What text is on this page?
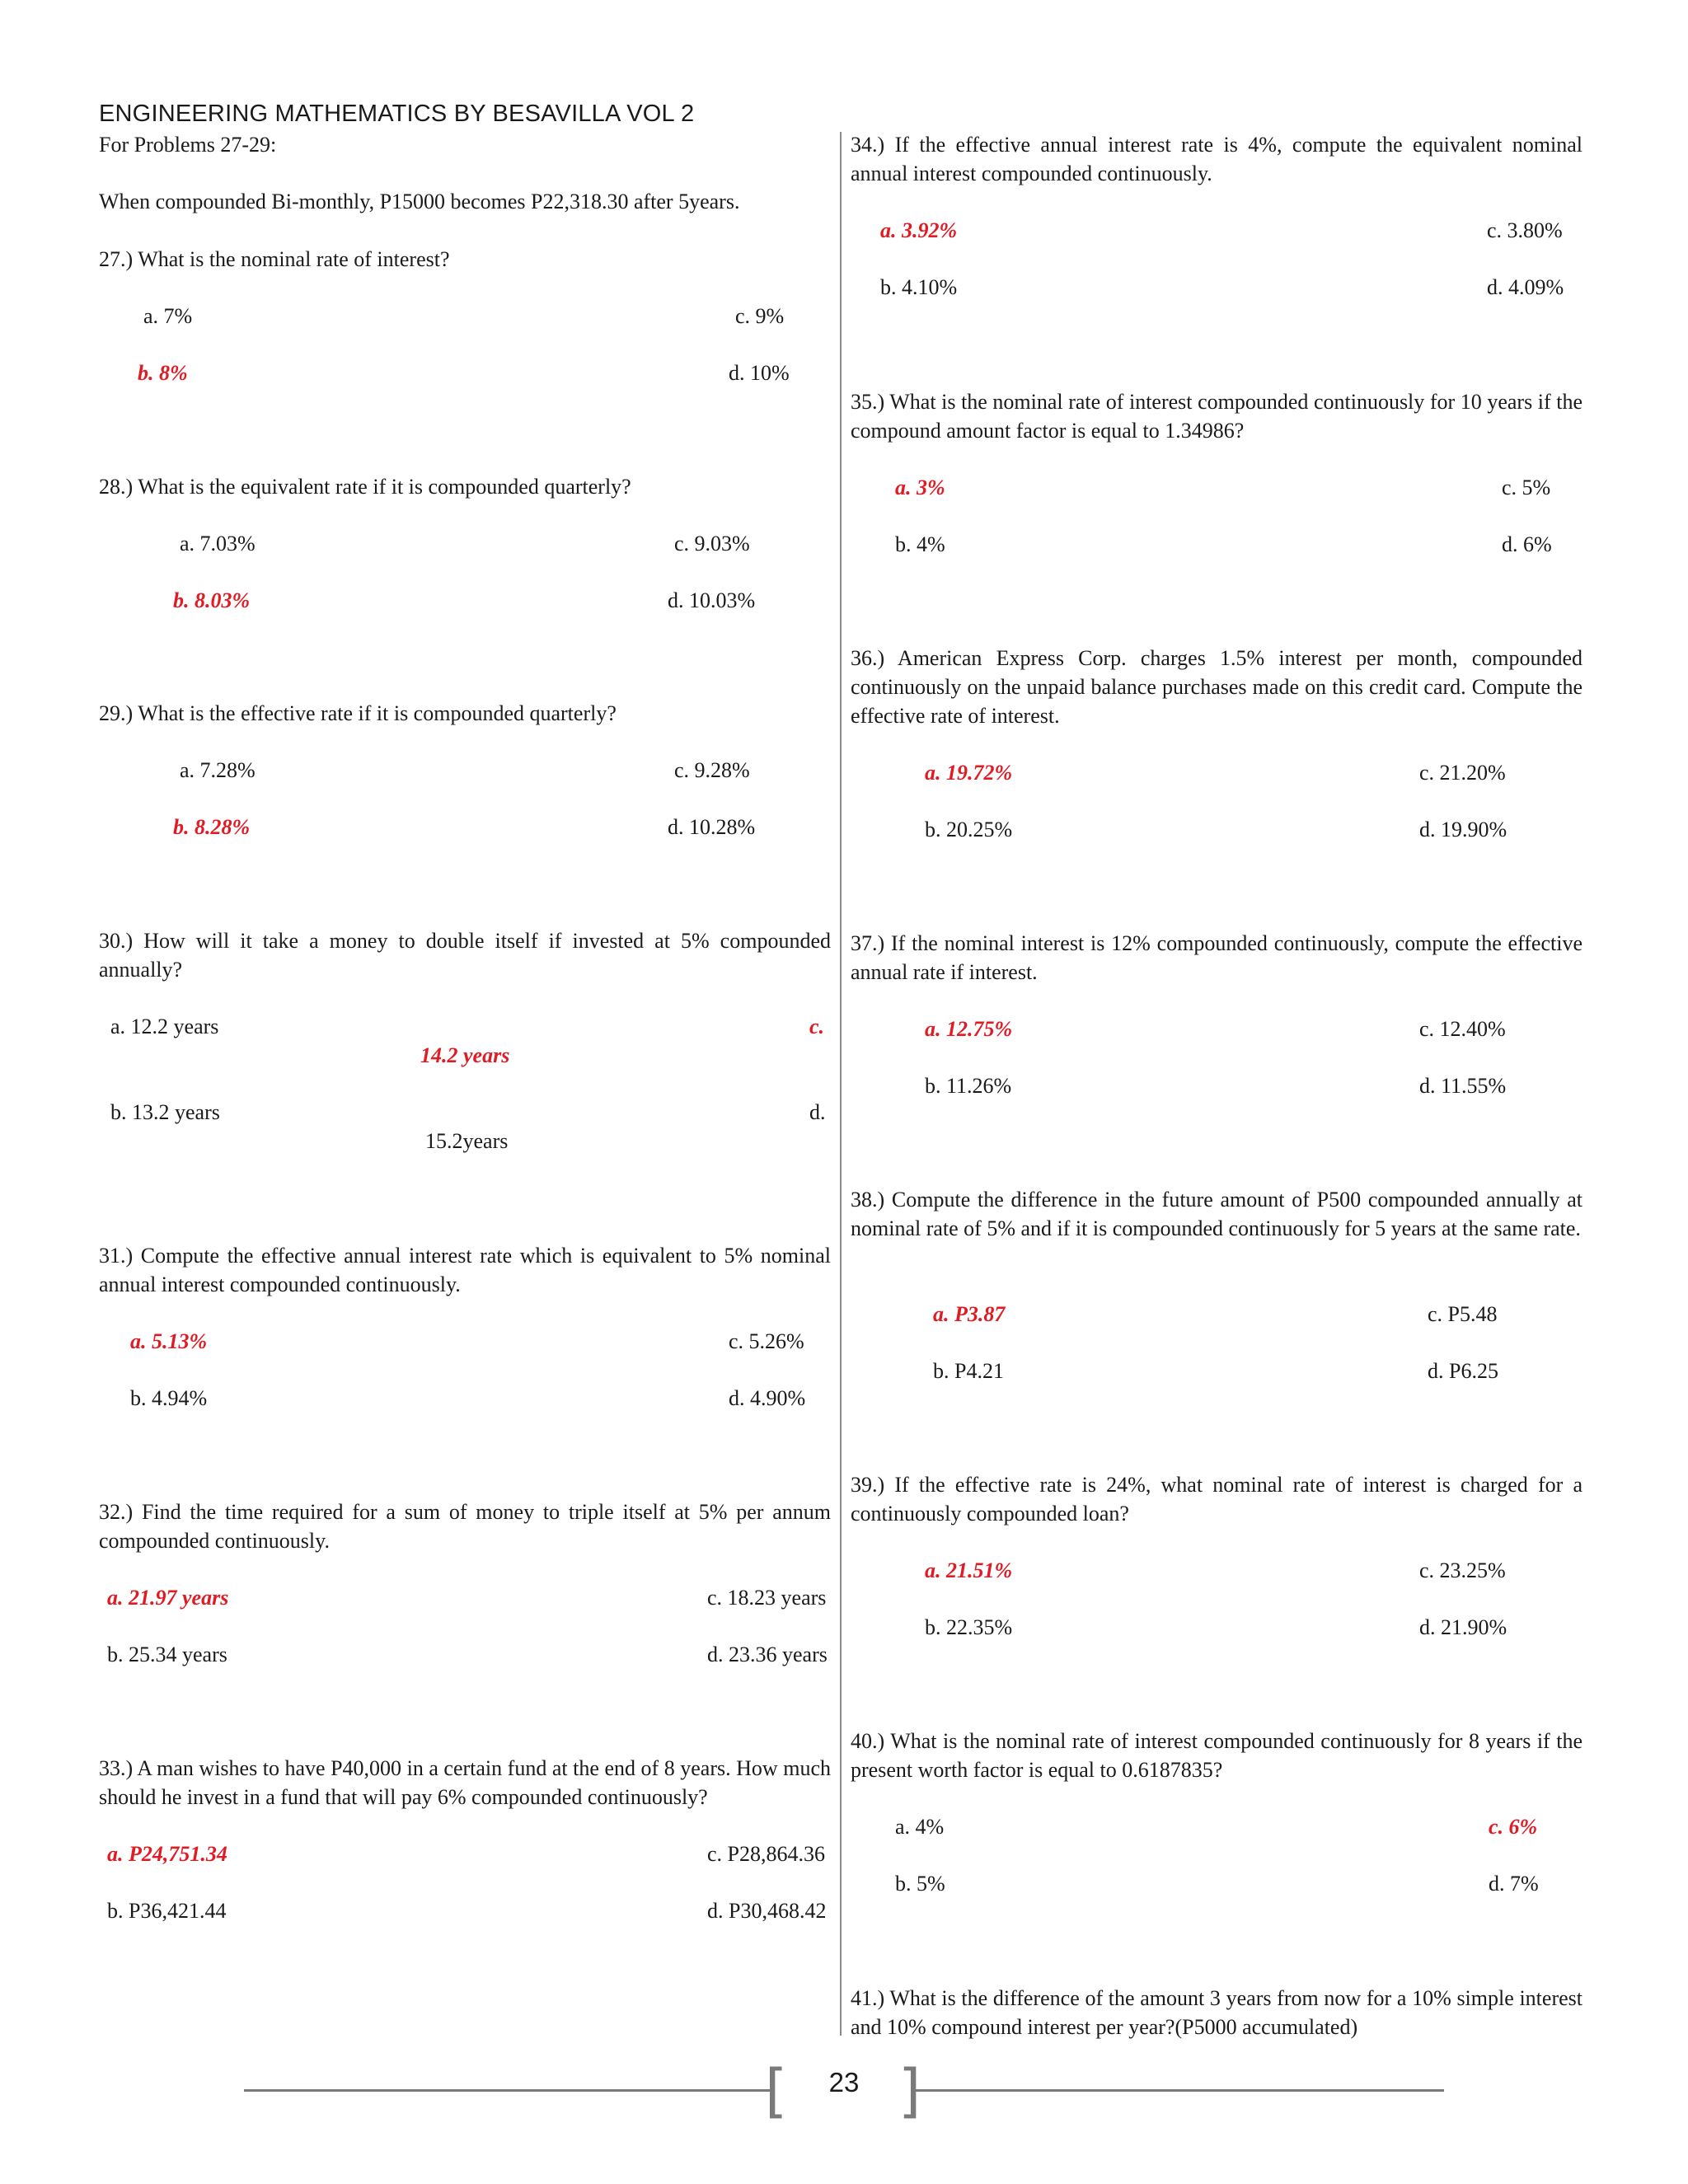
ENGINEERING MATHEMATICS BY BESAVILLA VOL 2
For Problems 27-29:
When compounded Bi-monthly, P15000 becomes P22,318.30 after 5years.
27.) What is the nominal rate of interest?
a. 7%	c. 9%
b. 8%	d. 10%
28.) What is the equivalent rate if it is compounded quarterly?
a. 7.03%	c. 9.03%
b. 8.03%	d. 10.03%
29.) What is the effective rate if it is compounded quarterly?
a. 7.28%	c. 9.28%
b. 8.28%	d. 10.28%
30.) How will it take a money to double itself if invested at 5% compounded annually?
a. 12.2 years	c.
14.2 years
b. 13.2 years	d.
15.2years
31.) Compute the effective annual interest rate which is equivalent to 5% nominal annual interest compounded continuously.
a. 5.13%	c. 5.26%
b. 4.94%	d. 4.90%
32.) Find the time required for a sum of money to triple itself at 5% per annum compounded continuously.
a. 21.97 years	c. 18.23 years
b. 25.34 years	d. 23.36 years
33.) A man wishes to have P40,000 in a certain fund at the end of 8 years. How much should he invest in a fund that will pay 6% compounded continuously?
a. P24,751.34	c. P28,864.36
b. P36,421.44	d. P30,468.42
34.) If the effective annual interest rate is 4%, compute the equivalent nominal annual interest compounded continuously.
a. 3.92%	c. 3.80%
b. 4.10%	d. 4.09%
35.) What is the nominal rate of interest compounded continuously for 10 years if the compound amount factor is equal to 1.34986?
a. 3%	c. 5%
b. 4%	d. 6%
36.) American Express Corp. charges 1.5% interest per month, compounded continuously on the unpaid balance purchases made on this credit card. Compute the effective rate of interest.
a. 19.72%	c. 21.20%
b. 20.25%	d. 19.90%
37.) If the nominal interest is 12% compounded continuously, compute the effective annual rate if interest.
a. 12.75%	c. 12.40%
b. 11.26%	d. 11.55%
38.) Compute the difference in the future amount of P500 compounded annually at nominal rate of 5% and if it is compounded continuously for 5 years at the same rate.
a. P3.87	c. P5.48
b. P4.21	d. P6.25
39.) If the effective rate is 24%, what nominal rate of interest is charged for a continuously compounded loan?
a. 21.51%	c. 23.25%
b. 22.35%	d. 21.90%
40.) What is the nominal rate of interest compounded continuously for 8 years if the present worth factor is equal to 0.6187835?
a. 4%	c. 6%
b. 5%	d. 7%
41.) What is the difference of the amount 3 years from now for a 10% simple interest and 10% compound interest per year?(P5000 accumulated)
[ ]
23
